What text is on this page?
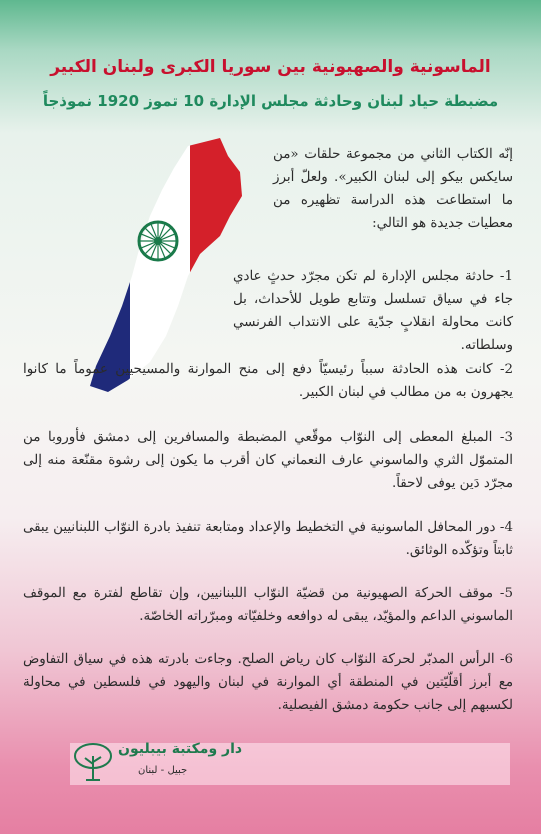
الماسونية والصهيونية بين سوريا الكبرى ولبنان الكبير
مضبطة حياد لبنان وحادثة مجلس الإدارة 10 تموز 1920 نموذجاً
إنّه الكتاب الثاني من مجموعة حلقات «من سايكس بيكو إلى لبنان الكبير». ولعلّ أبرز ما استطاعت هذه الدراسة تظهيره من معطيات جديدة هو التالي:
1- حادثة مجلس الإدارة لم تكن مجرّد حدثٍ عادي جاء في سياق تسلسل وتتابع طويل للأحداث، بل كانت محاولة انقلابٍ جدّية على الانتداب الفرنسي وسلطاته.
2- كانت هذه الحادثة سبباً رئيسيّاً دفع إلى منح الموارنة والمسيحيين عموماً ما كانوا يجهرون به من مطالب في لبنان الكبير.
3- المبلغ المعطى إلى النوّاب موقّعي المضبطة والمسافرين إلى دمشق فأوروبا من المتموّل الثري والماسوني عارف النعماني كان أقرب ما يكون إلى رشوة مقنّعة منه إلى مجرّد دَين يوفى لاحقاً.
4- دور المحافل الماسونية في التخطيط والإعداد ومتابعة تنفيذ بادرة النوّاب اللبنانيين يبقى ثابتاً وتؤكّده الوثائق.
5- موقف الحركة الصهيونية من قضيّة النوّاب اللبنانيين، وإن تقاطع لفترة مع الموقف الماسوني الداعم والمؤيّد، يبقى له دوافعه وخلفيّاته ومبرّراته الخاصّة.
6- الرأس المدبّر لحركة النوّاب كان رياض الصلح. وجاءت بادرته هذه في سياق التفاوض مع أبرز أقلّيّتين في المنطقة أي الموارنة في لبنان واليهود في فلسطين في محاولة لكسبهم إلى جانب حكومة دمشق الفيصلية.
دار ومكتبة بيبليون
جبيل - لبنان
